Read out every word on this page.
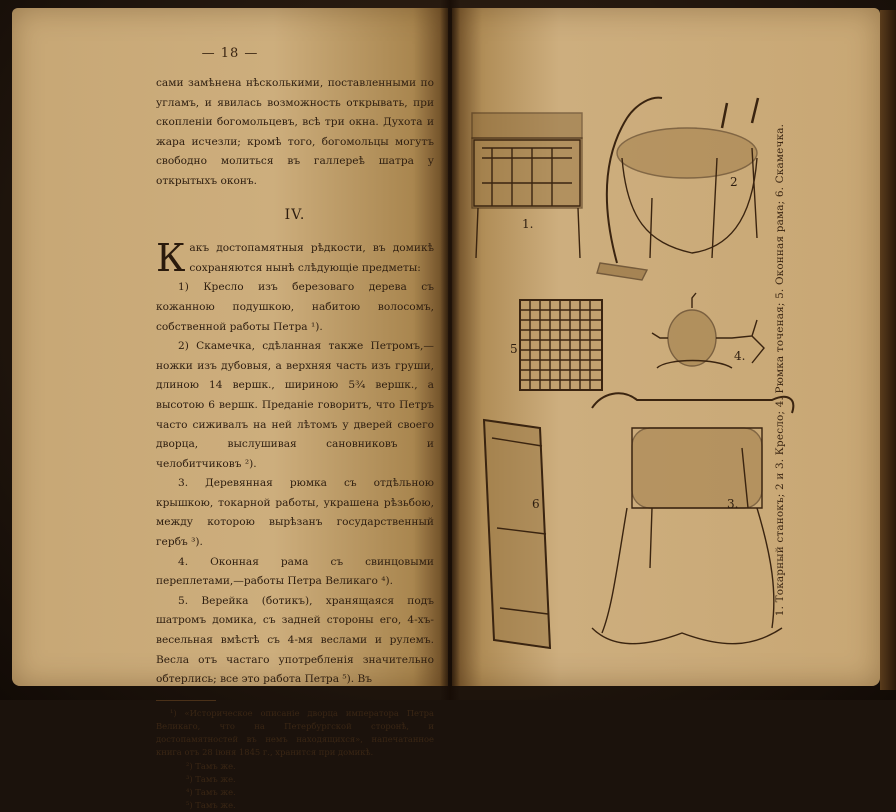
— 18 —

сами замѣнена нѣсколькими, поставленными по угламъ, и явилась возможность открывать, при скопленіи богомольцевъ, всѣ три окна. Духота и жара исчезли; кромѣ того, богомольцы могутъ свободно молиться въ галлереѣ шатра у открытыхъ оконъ.

IV.

Какъ достопамятныя рѣдкости, въ домикѣ сохраняются нынѣ слѣдующіе предметы:

1) Кресло изъ березоваго дерева съ кожанною подушкою, набитою волосомъ, собственной работы Петра ¹).

2) Скамечка, сдѣланная также Петромъ,—ножки изъ дубовыя, а верхняя часть изъ груши, длиною 14 вершк., шириною 5³⁄₄ вершк., а высотою 6 вершк. Преданіе говоритъ, что Петръ часто сиживалъ на ней лѣтомъ у дверей своего дворца, выслушивая сановниковъ и челобитчиковъ ²).

3. Деревянная рюмка съ отдѣльною крышкою, токарной работы, украшена рѣзьбою, между которою вырѣзанъ государственный гербъ ³).

4. Оконная рама съ свинцовыми переплетами,—работы Петра Великаго ⁴).

5. Верейка (ботикъ), хранящаяся подъ шатромъ домика, съ задней стороны его, 4-хъ-весельная вмѣстѣ съ 4-мя веслами и рулемъ. Весла отъ частаго употребленія значительно обтерлись; все это работа Петра ⁵). Въ

¹) «Историческое описаніе дворца императора Петра Великаго, что на Петербургской сторонѣ, и достопамятностей въ немъ находящихся», напечатанное книга отъ 28 іюня 1845 г., хранится при домикѣ.

²) Тамъ же.

³) Тамъ же.

⁴) Тамъ же.

⁵) Тамъ же.

1.
2
3.
4.
5
6	1. Токарный станокъ; 2 и 3. Кресло; 4. Рюмка точеная; 5. Оконная рама; 6. Скамечка.
